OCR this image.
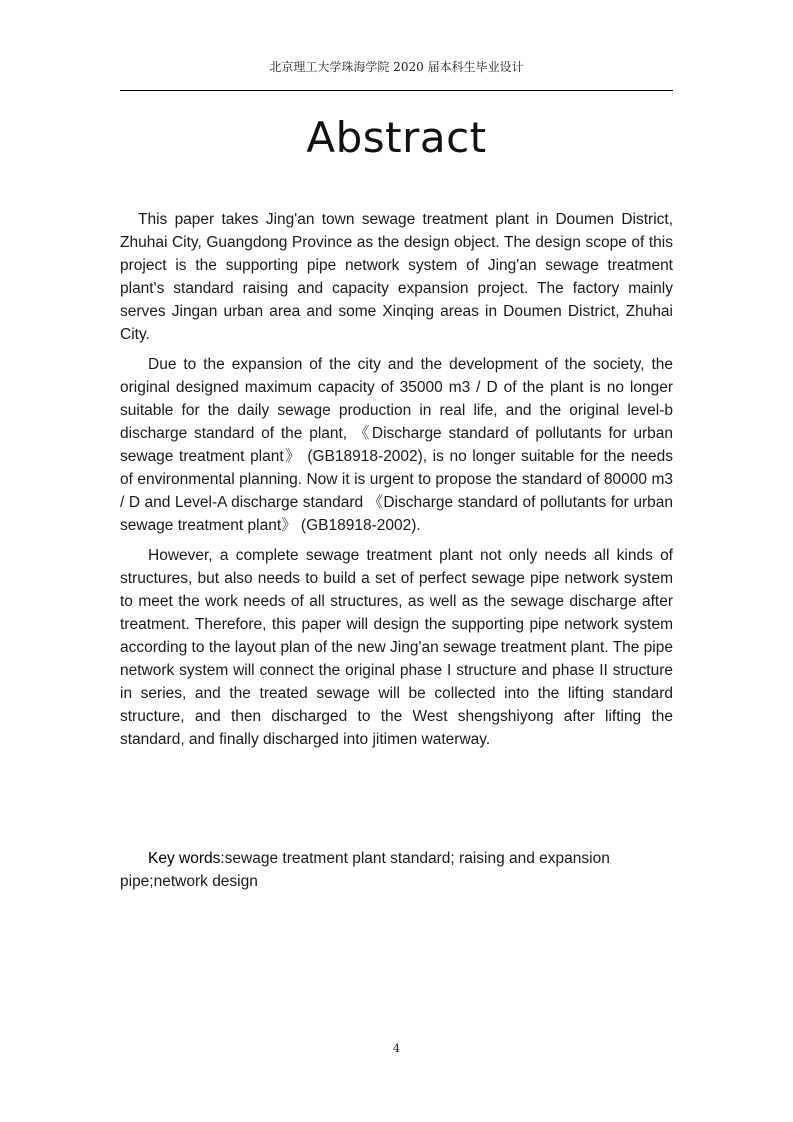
北京理工大学珠海学院 2020 届本科生毕业设计
Abstract

This paper takes Jing'an town sewage treatment plant in Doumen District, Zhuhai City, Guangdong Province as the design object. The design scope of this project is the supporting pipe network system of Jing'an sewage treatment plant's standard raising and capacity expansion project. The factory mainly serves Jingan urban area and some Xinqing areas in Doumen District, Zhuhai City.

Due to the expansion of the city and the development of the society, the original designed maximum capacity of 35000 m3 / D of the plant is no longer suitable for the daily sewage production in real life, and the original level-b discharge standard of the plant, 《Discharge standard of pollutants for urban sewage treatment plant》 (GB18918-2002), is no longer suitable for the needs of environmental planning. Now it is urgent to propose the standard of 80000 m3 / D and Level-A discharge standard 《Discharge standard of pollutants for urban sewage treatment plant》 (GB18918-2002).

However, a complete sewage treatment plant not only needs all kinds of structures, but also needs to build a set of perfect sewage pipe network system to meet the work needs of all structures, as well as the sewage discharge after treatment. Therefore, this paper will design the supporting pipe network system according to the layout plan of the new Jing'an sewage treatment plant. The pipe network system will connect the original phase I structure and phase II structure in series, and the treated sewage will be collected into the lifting standard structure, and then discharged to the West shengshiyong after lifting the standard, and finally discharged into jitimen waterway.

Key words:sewage treatment plant standard; raising and expansion pipe;network design

4
